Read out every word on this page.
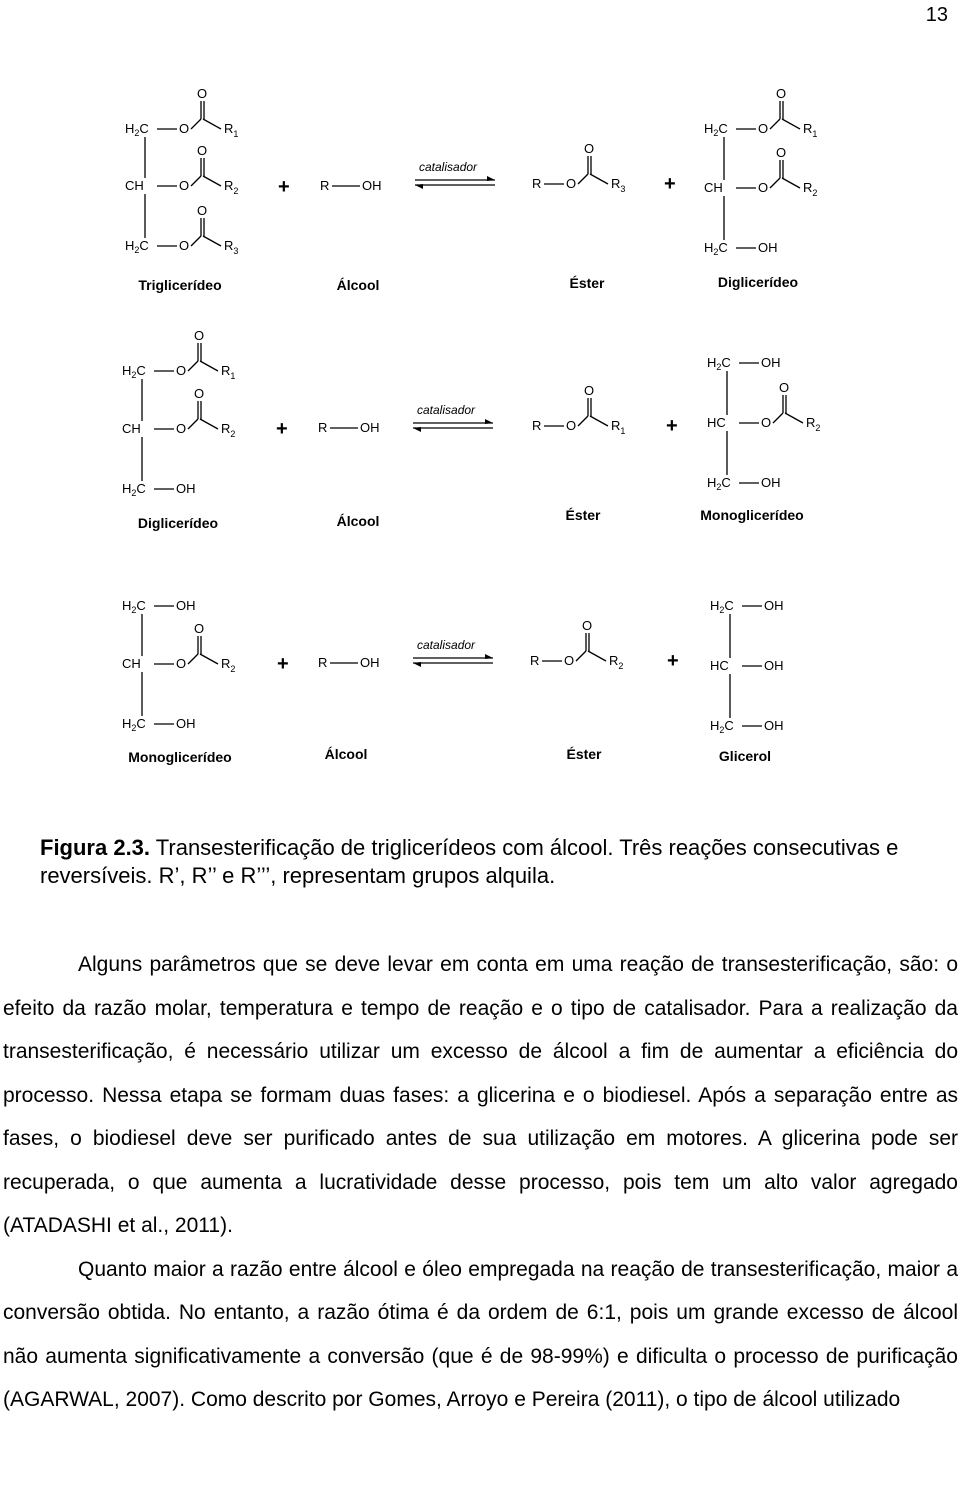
13
$H_2C$ O
O
$R_1$
CH	O
O
$R_2$
$H_2C$ O
O
$R_3$
+ R	OH
catalisador
R O
O
$R_3$ +
$H_2C$ O
O
$R_1$
CH	O
O
$R_2$
$H_2C$ OH
Triglicerídeo	Álcool	Éster	Diglicerídeo
$H_2C$ O
O
$R_1$
CH	O
O
$R_2$
$H_2C$ OH
+ R	OH
catalisador
R O
O
$R_1$ +
$H_2C$ OH
HC	O
O
$R_2$
$H_2C$ OH
Diglicerídeo	Álcool	Éster	Monoglicerídeo
$H_2C$ OH
CH	O
O
$R_2$
$H_2C$ OH
+ R	OH
catalisador
R O
O
$R_2$ +
$H_2C$ OH
HC	OH
$H_2C$ OH
Monoglicerídeo	Álcool	Éster	Glicerol
Figura 2.3. Transesterificação de triglicerídeos com álcool. Três reações consecutivas e reversíveis. R’, R’’ e R’’’, representam grupos alquila.

Alguns parâmetros que se deve levar em conta em uma reação de transesterificação, são: o efeito da razão molar, temperatura e tempo de reação e o tipo de catalisador. Para a realização da transesterificação, é necessário utilizar um excesso de álcool a fim de aumentar a eficiência do processo. Nessa etapa se formam duas fases: a glicerina e o biodiesel. Após a separação entre as fases, o biodiesel deve ser purificado antes de sua utilização em motores. A glicerina pode ser recuperada, o que aumenta a lucratividade desse processo, pois tem um alto valor agregado (ATADASHI et al., 2011).

Quanto maior a razão entre álcool e óleo empregada na reação de transesterificação, maior a conversão obtida. No entanto, a razão ótima é da ordem de 6:1, pois um grande excesso de álcool não aumenta significativamente a conversão (que é de 98-99%) e dificulta o processo de purificação (AGARWAL, 2007). Como descrito por Gomes, Arroyo e Pereira (2011), o tipo de álcool utilizado
